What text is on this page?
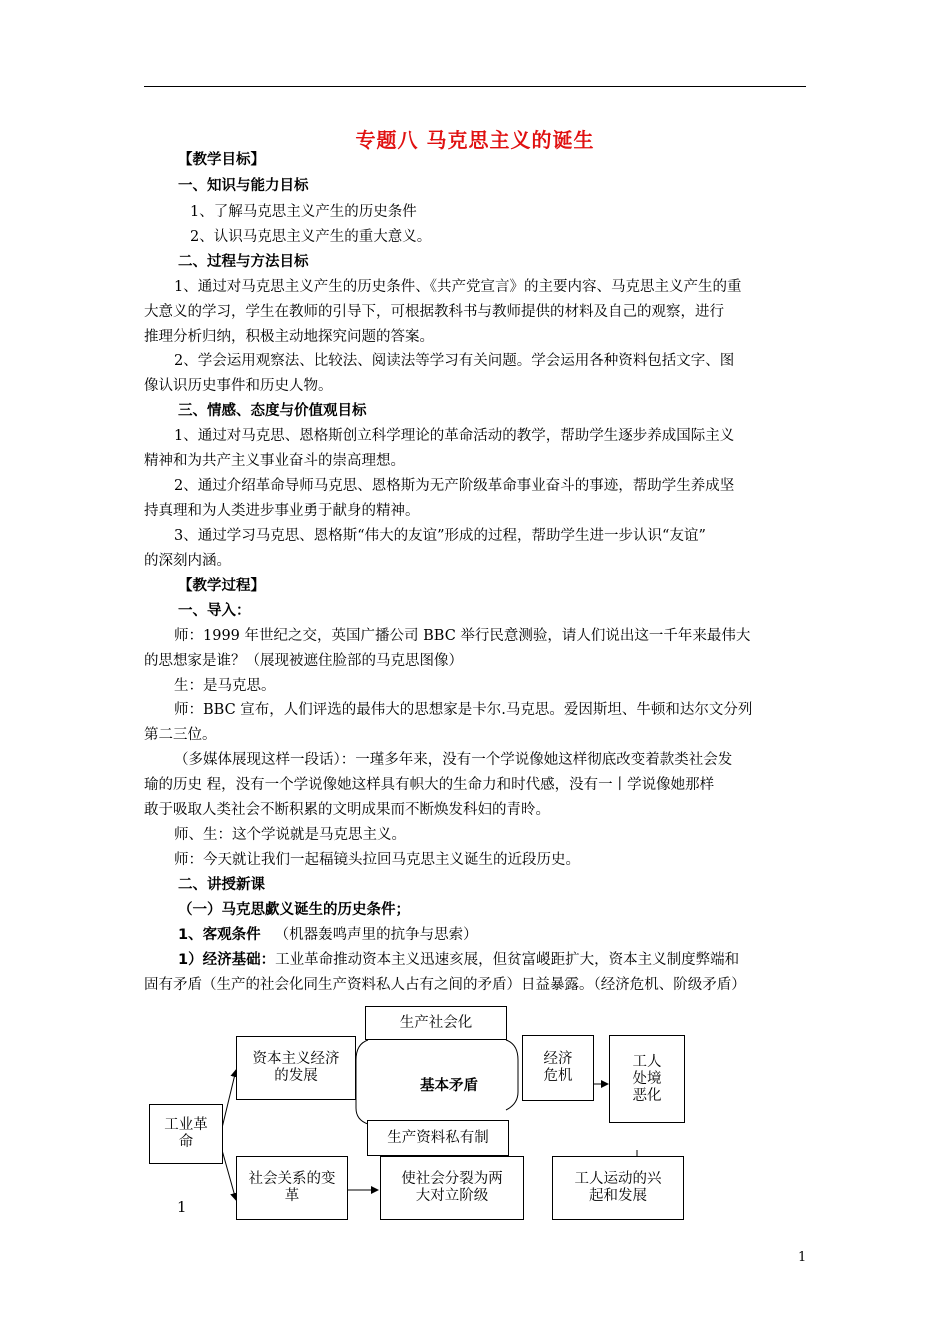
专题八 马克思主义的诞生
【教学目标】
一、知识与能力目标
1、了解马克思主义产生的历史条件
2、认识马克思主义产生的重大意义。
二、过程与方法目标
1、通过对马克思主义产生的历史条件、《共产党宣言》的主要内容、马克思主义产生的重
大意义的学习，学生在教师的引导下，可根据教科书与教师提供的材料及自己的观察，进行
推理分析归纳，积极主动地探究问题的答案。
2、学会运用观察法、比较法、阅读法等学习有关问题。学会运用各种资料包括文字、图
像认识历史事件和历史人物。
三、情感、态度与价值观目标
1、通过对马克思、恩格斯创立科学理论的革命活动的教学，帮助学生逐步养成国际主义
精神和为共产主义事业奋斗的崇高理想。
2、通过介绍革命导师马克思、恩格斯为无产阶级革命事业奋斗的事迹，帮助学生养成坚
持真理和为人类进步事业勇于献身的精神。
3、通过学习马克思、恩格斯“伟大的友谊”形成的过程，帮助学生进一步认识“友谊”
的深刻内涵。
【教学过程】
一、导入：
师：1999 年世纪之交，英国广播公司 BBC 举行民意测验，请人们说出这一千年来最伟大
的思想家是谁？（展现被遮住脸部的马克思图像）
生：是马克思。
师：BBC 宣布，人们评选的最伟大的思想家是卡尔.马克思。爱因斯坦、牛顿和达尔文分列
第二三位。
（多媒体展现这样一段话）：一瑾多年来，没有一个学说像她这样彻底改变着款类社会发
瑜的历史 程，没有一个学说像她这样具有帜大的生命力和时代感，没有一丨学说像她那样
敢于吸取人类社会不断积累的文明成果而不断焕发科妇的青昤。
师、生：这个学说就是马克思主义。
师：今天就让我们一起稫镜头拉回马克思主义诞生的近段历史。
二、讲授新课
（一）马克思歔义诞生的历史条件；
1、客观条件 （机器轰鸣声里的抗争与思索）
1）经济基础：工业革命推动资本主义迅速亥展，但贫富嵕距扩大，资本主义制度弊端和
固有矛盾（生产的社会化同生产资料私人占有之间的矛盾）日益暴露。（经济危机、阶级矛盾）
工业革命
资本主义经济的发展
生产社会化
基本矛盾
生产资料私有制
经济危机
工人处境恶化
社会关系的变革
使社会分裂为两大对立阶级
工人运动的兴起和发展
1
1
